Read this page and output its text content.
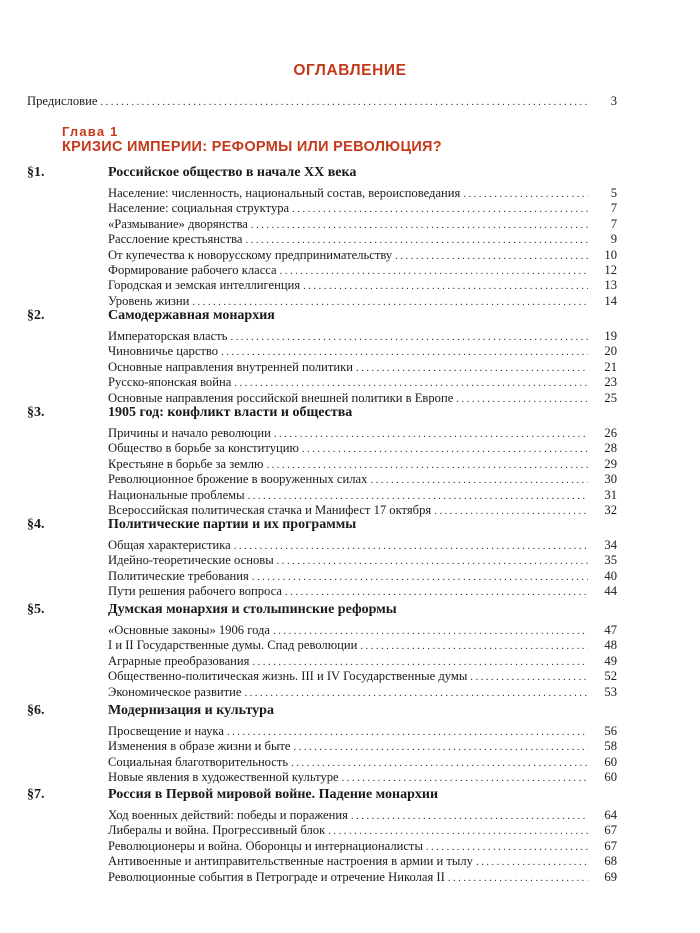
ОГЛАВЛЕНИЕ
Предисловие .....	3
Глава 1
КРИЗИС ИМПЕРИИ: РЕФОРМЫ ИЛИ РЕВОЛЮЦИЯ?
§1.	Российское общество в начале XX века
Население: численность, национальный состав, вероисповедания .....	5
Население: социальная структура .....	7
«Размывание» дворянства .....	7
Расслоение крестьянства .....	9
От купечества к новорусскому предпринимательству .....	10
Формирование рабочего класса .....	12
Городская и земская интеллигенция .....	13
Уровень жизни .....	14
§2.	Самодержавная монархия
Императорская власть .....	19
Чиновничье царство .....	20
Основные направления внутренней политики .....	21
Русско-японская война .....	23
Основные направления российской внешней политики в Европе .....	25
§3.	1905 год: конфликт власти и общества
Причины и начало революции .....	26
Общество в борьбе за конституцию .....	28
Крестьяне в борьбе за землю .....	29
Революционное брожение в вооруженных силах .....	30
Национальные проблемы .....	31
Всероссийская политическая стачка и Манифест 17 октября .....	32
§4.	Политические партии и их программы
Общая характеристика .....	34
Идейно-теоретические основы .....	35
Политические требования .....	40
Пути решения рабочего вопроса .....	44
§5.	Думская монархия и столыпинские реформы
«Основные законы» 1906 года .....	47
I и II Государственные думы. Спад революции .....	48
Аграрные преобразования .....	49
Общественно-политическая жизнь. III и IV Государственные думы .....	52
Экономическое развитие .....	53
§6.	Модернизация и культура
Просвещение и наука .....	56
Изменения в образе жизни и быте .....	58
Социальная благотворительность .....	60
Новые явления в художественной культуре .....	60
§7.	Россия в Первой мировой войне. Падение монархии
Ход военных действий: победы и поражения .....	64
Либералы и война. Прогрессивный блок .....	67
Революционеры и война. Оборонцы и интернационалисты .....	67
Антивоенные и антиправительственные настроения в армии и тылу .....	68
Революционные события в Петрограде и отречение Николая II .....	69
